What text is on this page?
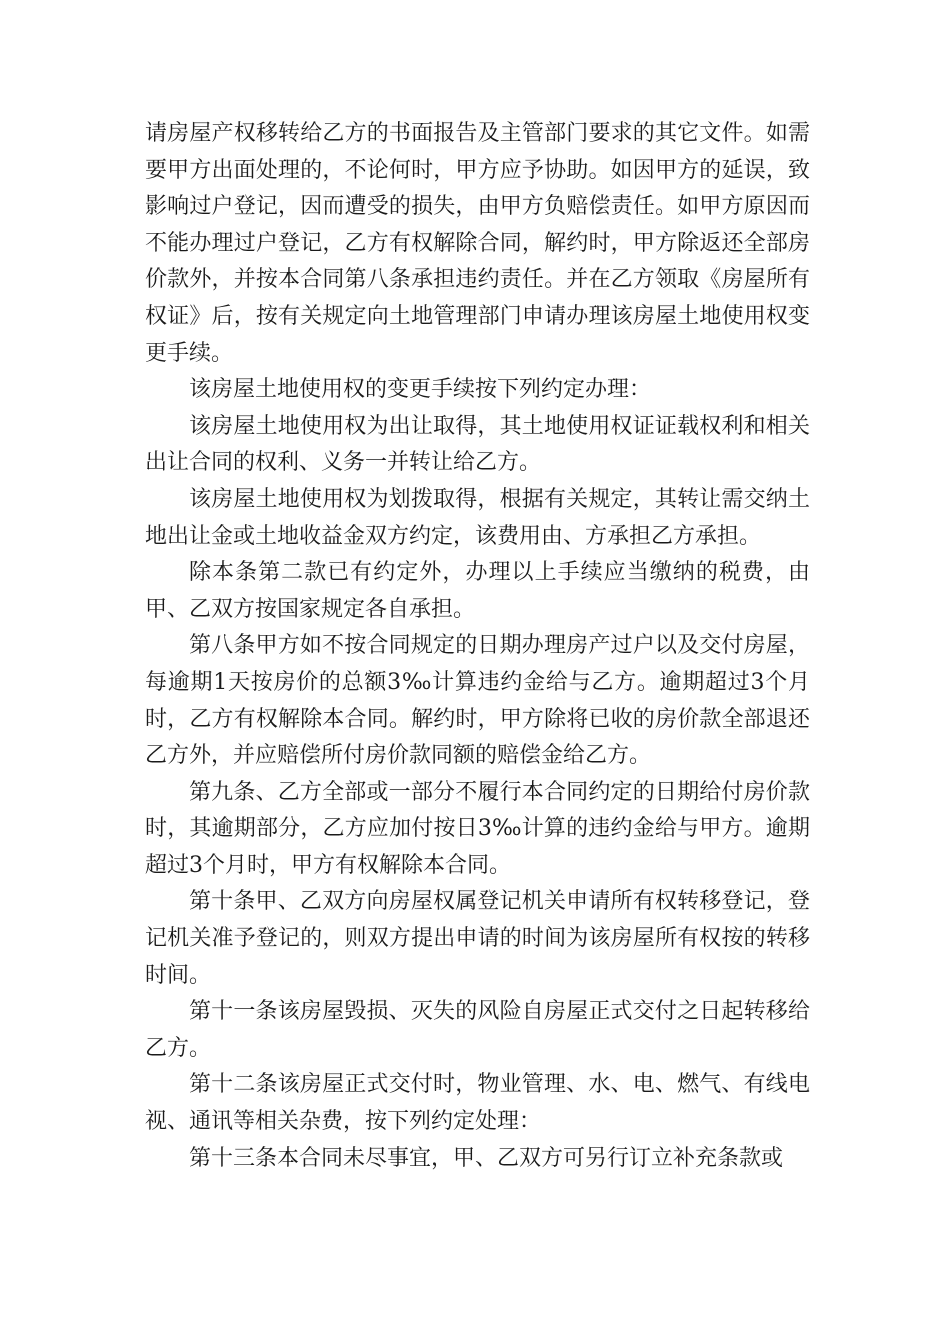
请房屋产权移转给乙方的书面报告及主管部门要求的其它文件。如需要甲方出面处理的，不论何时，甲方应予协助。如因甲方的延误，致影响过户登记，因而遭受的损失，由甲方负赔偿责任。如甲方原因而不能办理过户登记，乙方有权解除合同，解约时，甲方除返还全部房价款外，并按本合同第八条承担违约责任。并在乙方领取《房屋所有权证》后，按有关规定向土地管理部门申请办理该房屋土地使用权变更手续。

该房屋土地使用权的变更手续按下列约定办理：

该房屋土地使用权为出让取得，其土地使用权证证载权利和相关出让合同的权利、义务一并转让给乙方。

该房屋土地使用权为划拨取得，根据有关规定，其转让需交纳土地出让金或土地收益金双方约定，该费用由、方承担乙方承担。

除本条第二款已有约定外，办理以上手续应当缴纳的税费，由甲、乙双方按国家规定各自承担。

第八条甲方如不按合同规定的日期办理房产过户以及交付房屋，每逾期1天按房价的总额3‰计算违约金给与乙方。逾期超过3个月时，乙方有权解除本合同。解约时，甲方除将已收的房价款全部退还乙方外，并应赔偿所付房价款同额的赔偿金给乙方。

第九条、乙方全部或一部分不履行本合同约定的日期给付房价款时，其逾期部分，乙方应加付按日3‰计算的违约金给与甲方。逾期超过3个月时，甲方有权解除本合同。

第十条甲、乙双方向房屋权属登记机关申请所有权转移登记，登记机关准予登记的，则双方提出申请的时间为该房屋所有权按的转移时间。

第十一条该房屋毁损、灭失的风险自房屋正式交付之日起转移给乙方。

第十二条该房屋正式交付时，物业管理、水、电、燃气、有线电视、通讯等相关杂费，按下列约定处理：

第十三条本合同未尽事宜，甲、乙双方可另行订立补充条款或
